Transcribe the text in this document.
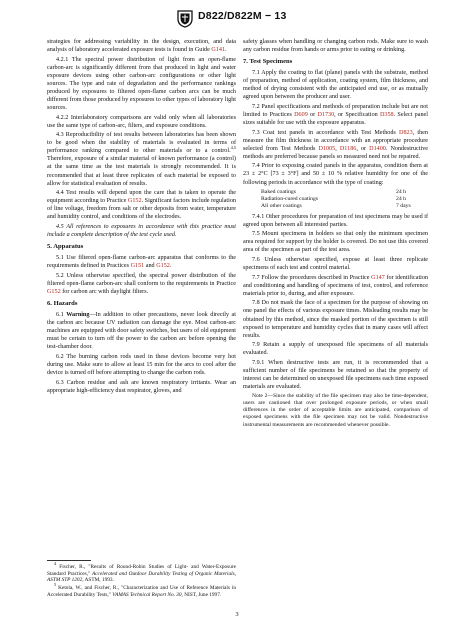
D822/D822M − 13

strategies for addressing variability in the design, execution, and data analysis of laboratory accelerated exposure tests is found in Guide G141.

4.2.1 The spectral power distribution of light from an open-flame carbon-arc is significantly different from that produced in light and water exposure devices using other carbon-arc configurations or other light sources. The type and rate of degradation and the performance rankings produced by exposures to filtered open-flame carbon arcs can be much different from those produced by exposures to other types of laboratory light sources.

4.2.2 Interlaboratory comparisons are valid only when all laboratories use the same type of carbon-arc, filters, and exposure conditions.

4.3 Reproducibility of test results between laboratories has been shown to be good when the stability of materials is evaluated in terms of performance ranking compared to other materials or to a control.$^{4,5}$ Therefore, exposure of a similar material of known performance (a control) at the same time as the test materials is strongly recommended. It is recommended that at least three replicates of each material be exposed to allow for statistical evaluation of results.

4.4 Test results will depend upon the care that is taken to operate the equipment according to Practice G152. Significant factors include regulation of line voltage, freedom from salt or other deposits from water, temperature and humidity control, and conditions of the electrodes.

4.5 All references to exposures in accordance with this practice must include a complete description of the test cycle used.

5. Apparatus

5.1 Use filtered open-flame carbon-arc apparatus that conforms to the requirements defined in Practices G151 and G152.

5.2 Unless otherwise specified, the spectral power distribution of the filtered open-flame carbon-arc shall conform to the requirements in Practice G152 for carbon arc with daylight filters.

6. Hazards

6.1 Warning—In addition to other precautions, never look directly at the carbon arc because UV radiation can damage the eye. Most carbon-arc machines are equipped with door safety switches, but users of old equipment must be certain to turn off the power to the carbon arc before opening the test-chamber door.

6.2 The burning carbon rods used in these devices become very hot during use. Make sure to allow at least 15 min for the arcs to cool after the device is turned off before attempting to change the carbon rods.

6.3 Carbon residue and ash are known respiratory irritants. Wear an appropriate high-efficiency dust respirator, gloves, and

$^4$ Fischer, R., "Results of Round-Robin Studies of Light- and Water-Exposure Standard Practices," Accelerated and Outdoor Durability Testing of Organic Materials, ASTM STP 1202, ASTM, 1993.

$^5$ Ketola, W., and Fischer, R., "Characterization and Use of Reference Materials in Accelerated Durability Tests," VAMAS Technical Report No. 30, NIST, June 1997.

safety glasses when handling or changing carbon rods. Make sure to wash any carbon residue from hands or arms prior to eating or drinking.

7. Test Specimens

7.1 Apply the coating to flat (plane) panels with the substrate, method of preparation, method of application, coating system, film thickness, and method of drying consistent with the anticipated end use, or as mutually agreed upon between the producer and user.

7.2 Panel specifications and methods of preparation include but are not limited to Practices D609 or D1730, or Specification D358. Select panel sizes suitable for use with the exposure apparatus.

7.3 Coat test panels in accordance with Test Methods D823, then measure the film thickness in accordance with an appropriate procedure selected from Test Methods D1005, D1186, or D1400. Nondestructive methods are preferred because panels so measured need not be repaired.

7.4 Prior to exposing coated panels in the apparatus, condition them at 23 ± 2°C [73 ± 3°F] and 50 ± 10 % relative humidity for one of the following periods in accordance with the type of coating:

Baked coatings	24 h
Radiation-cured coatings	24 h
All other coatings	7 days

7.4.1 Other procedures for preparation of test specimens may be used if agreed upon between all interested parties.

7.5 Mount specimens in holders so that only the minimum specimen area required for support by the holder is covered. Do not use this covered area of the specimen as part of the test area.

7.6 Unless otherwise specified, expose at least three replicate specimens of each test and control material.

7.7 Follow the procedures described in Practice G147 for identification and conditioning and handling of specimens of test, control, and reference materials prior to, during, and after exposure.

7.8 Do not mask the face of a specimen for the purpose of showing on one panel the effects of various exposure times. Misleading results may be obtained by this method, since the masked portion of the specimen is still exposed to temperature and humidity cycles that in many cases will affect results.

7.9 Retain a supply of unexposed file specimens of all materials evaluated.

7.9.1 When destructive tests are run, it is recommended that a sufficient number of file specimens be retained so that the property of interest can be determined on unexposed file specimens each time exposed materials are evaluated.

Note 2—Since the stability of the file specimen may also be time-dependent, users are cautioned that over prolonged exposure periods, or when small differences in the order of acceptable limits are anticipated, comparison of exposed specimens with the file specimen may not be valid. Nondestructive instrumental measurements are recommended whenever possible.

3
